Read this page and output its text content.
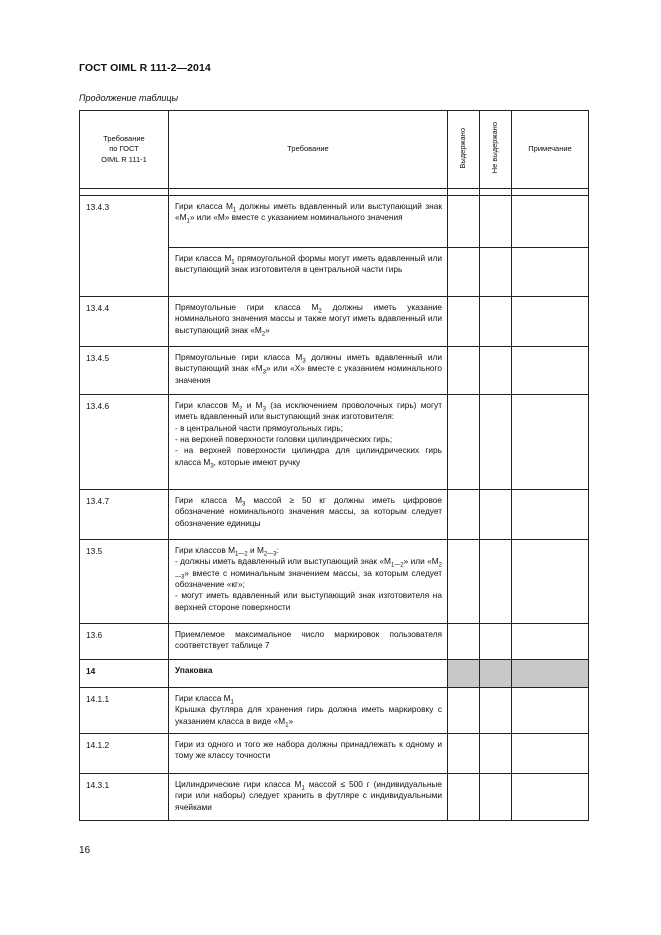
ГОСТ OIML R 111-2—2014
Продолжение таблицы
Требование
по ГОСТ
OIML R 111-1	Требование	Выдержано	Не выдержано	Примечание

13.4.3	Гири класса $M_1$ должны иметь вдавленный или выступающий знак «$M_1$» или «M» вместе с указанием номинального значения			
	Гири класса $M_1$ прямоугольной формы могут иметь вдавленный или выступающий знак изготовителя в центральной части гирь			
13.4.4	Прямоугольные гири класса $M_2$ должны иметь указание номинального значения массы и также могут иметь вдавленный или выступающий знак «$M_2$»			
13.4.5	Прямоугольные гири класса $M_3$ должны иметь вдавленный или выступающий знак «$M_3$» или «X» вместе с указанием номинального значения			
13.4.6	Гири классов $M_2$ и $M_3$ (за исключением проволочных гирь) могут иметь вдавленный или выступающий знак изготовителя:
- в центральной части прямоугольных гирь;
- на верхней поверхности головки цилиндрических гирь;
- на верхней поверхности цилиндра для цилиндрических гирь класса $M_3$, которые имеют ручку			

13.4.7	Гири класса $M_3$ массой ≥ 50 кг должны иметь цифровое обозначение номинального значения массы, за которым следует обозначение единицы			
13.5	Гири классов $M_{1—2}$ и $M_{2—3}$:
- должны иметь вдавленный или выступающий знак «$M_{1—2}$» или «$M_{2—3}$» вместе с номинальным значением массы, за которым следует обозначение «кг»;
- могут иметь вдавленный или выступающий знак изготовителя на верхней стороне поверхности			

13.6	Приемлемое максимальное число маркировок пользователя соответствует таблице 7			
14	Упаковка			
14.1.1	Гири класса $M_1$
Крышка футляра для хранения гирь должна иметь маркировку с указанием класса в виде «$M_1$»			
14.1.2	Гири из одного и того же набора должны принадлежать к одному и тому же классу точности			
14.3.1	Цилиндрические гири класса $M_1$ массой ≤ 500 г (индивидуальные гири или наборы) следует хранить в футляре с индивидуальными ячейками			
16
